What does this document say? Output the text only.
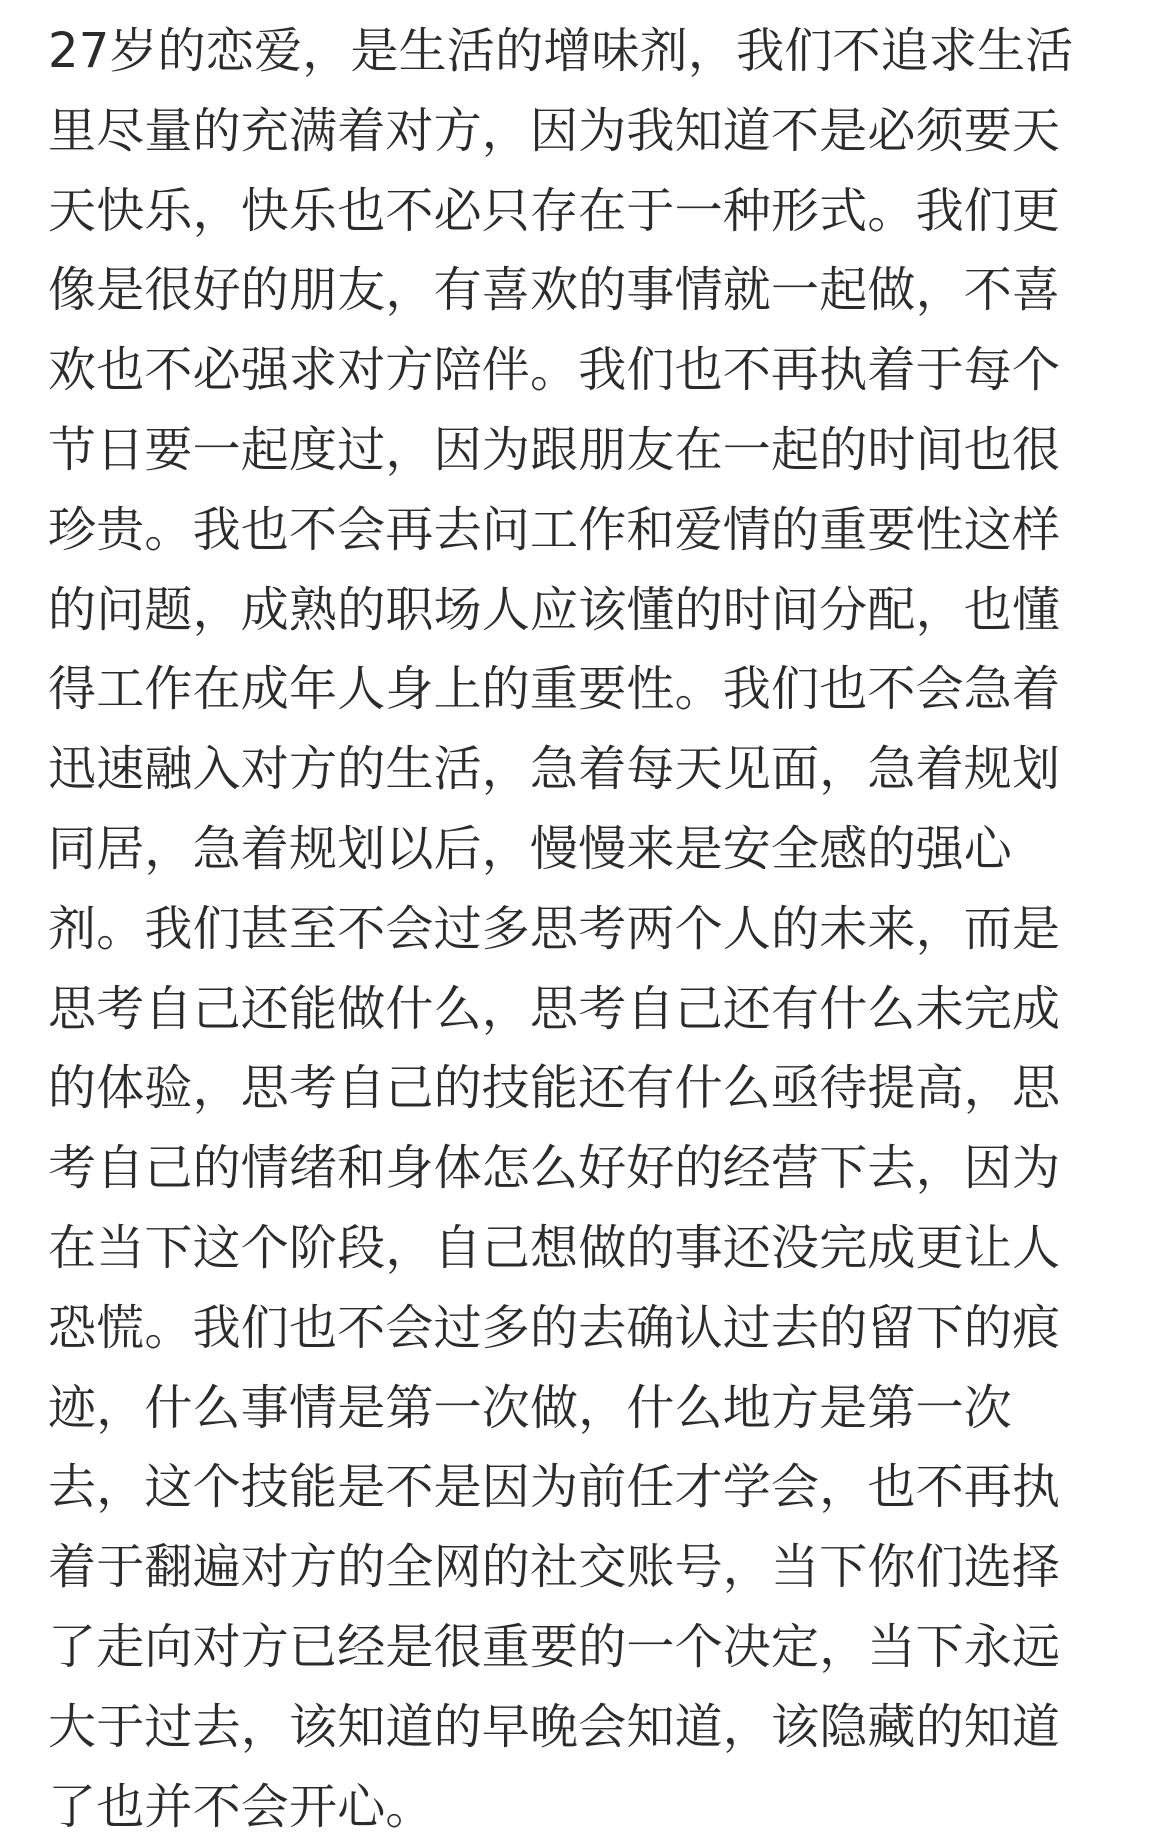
27岁的恋爱，是生活的增味剂，我们不追求生活
里尽量的充满着对方，因为我知道不是必须要天
天快乐，快乐也不必只存在于一种形式。我们更
像是很好的朋友，有喜欢的事情就一起做，不喜
欢也不必强求对方陪伴。我们也不再执着于每个
节日要一起度过，因为跟朋友在一起的时间也很
珍贵。我也不会再去问工作和爱情的重要性这样
的问题，成熟的职场人应该懂的时间分配，也懂
得工作在成年人身上的重要性。我们也不会急着
迅速融入对方的生活，急着每天见面，急着规划
同居，急着规划以后，慢慢来是安全感的强心
剂。我们甚至不会过多思考两个人的未来，而是
思考自己还能做什么，思考自己还有什么未完成
的体验，思考自己的技能还有什么亟待提高，思
考自己的情绪和身体怎么好好的经营下去，因为
在当下这个阶段，自己想做的事还没完成更让人
恐慌。我们也不会过多的去确认过去的留下的痕
迹，什么事情是第一次做，什么地方是第一次
去，这个技能是不是因为前任才学会，也不再执
着于翻遍对方的全网的社交账号，当下你们选择
了走向对方已经是很重要的一个决定，当下永远
大于过去，该知道的早晚会知道，该隐藏的知道
了也并不会开心。
